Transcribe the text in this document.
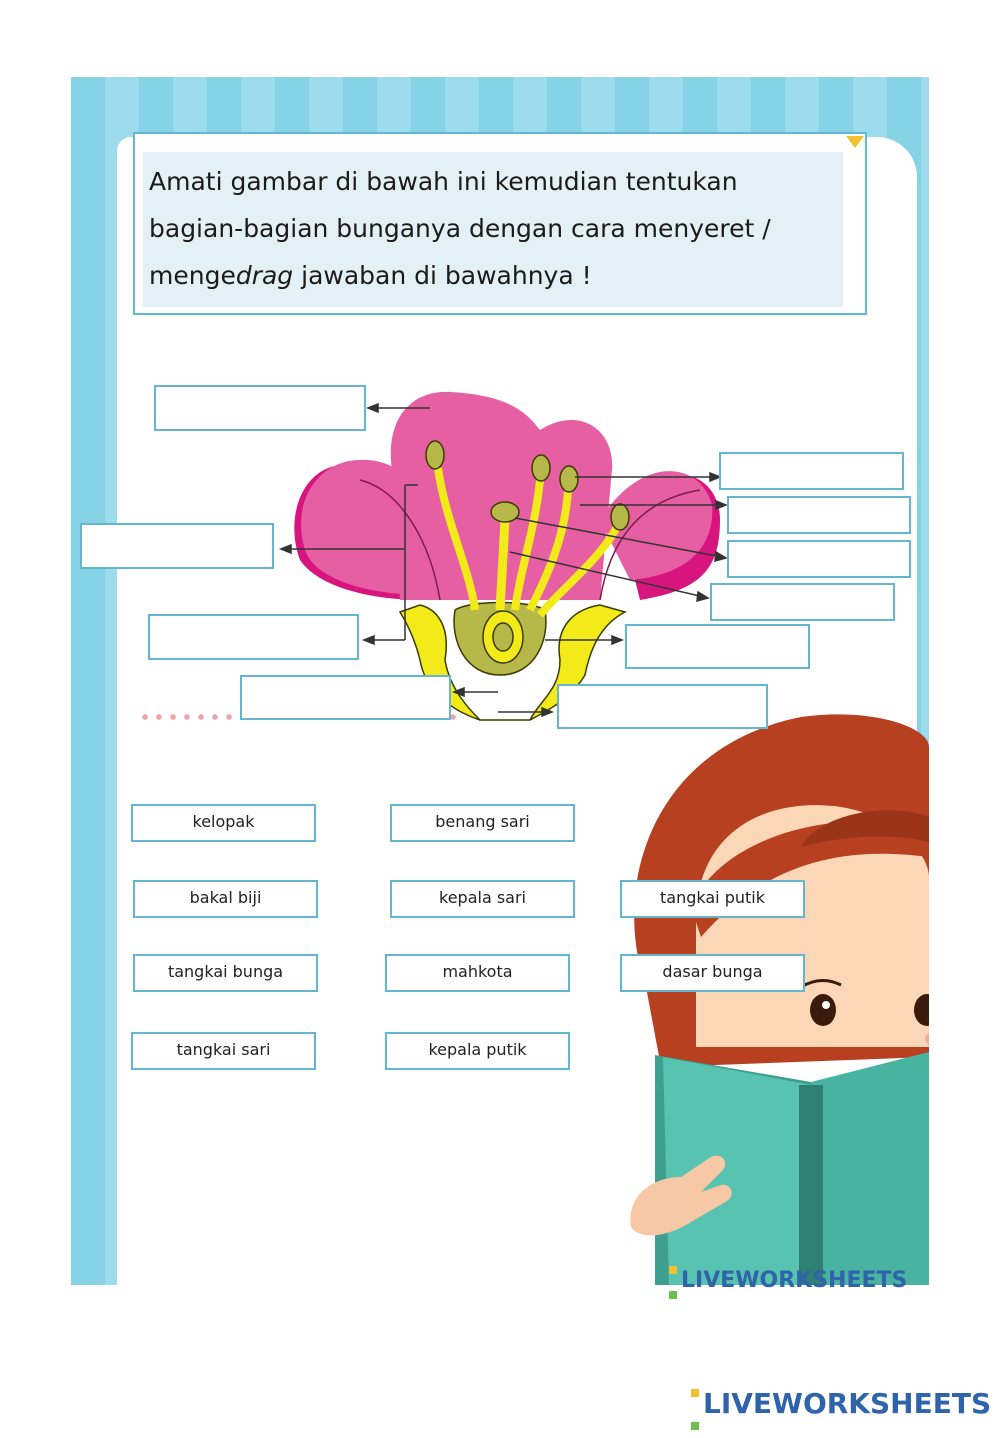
Amati gambar di bawah ini kemudian tentukan bagian-bagian bunganya dengan cara menyeret / mengedrag jawaban di bawahnya !
kelopak	benang sari
bakal biji	kepala sari	tangkai putik
tangkai bunga	mahkota	dasar bunga
tangkai sari	kepala putik

LIVEWORKSHEETS

LIVEWORKSHEETS
